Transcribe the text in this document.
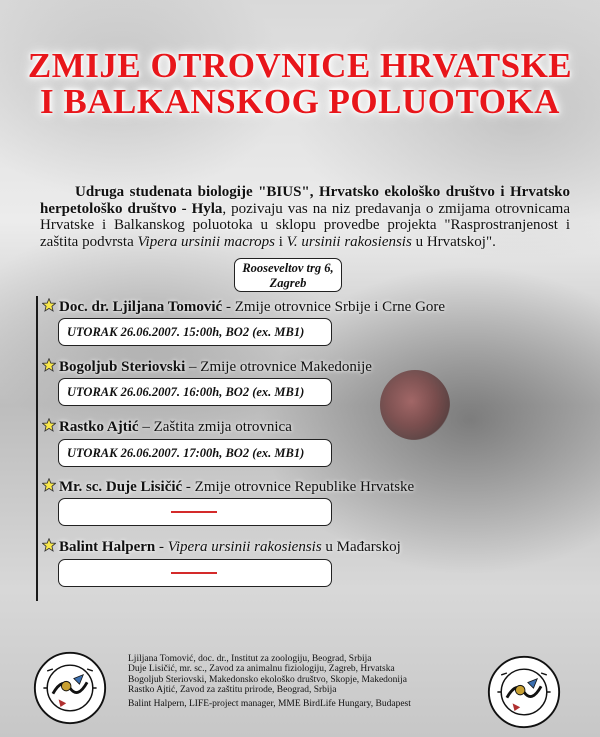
ZMIJE OTROVNICE HRVATSKE
I BALKANSKOG POLUOTOKA

Udruga studenata biologije "BIUS", Hrvatsko ekološko društvo i Hrvatsko herpetološko društvo - Hyla, pozivaju vas na niz predavanja o zmijama otrovnicama Hrvatske i Balkanskog poluotoka u sklopu provedbe projekta "Rasprostranjenost i zaštita podvrsta Vipera ursinii macrops i V. ursinii rakosiensis u Hrvatskoj".

Rooseveltov trg 6,
Zagreb
Doc. dr. Ljiljana Tomović - Zmije otrovnice Srbije i Crne Gore
UTORAK 26.06.2007. 15:00h, BO2 (ex. MB1)
Bogoljub Steriovski – Zmije otrovnice Makedonije
UTORAK 26.06.2007. 16:00h, BO2 (ex. MB1)
Rastko Ajtić – Zaštita zmija otrovnica
UTORAK 26.06.2007. 17:00h, BO2 (ex. MB1)
Mr. sc. Duje Lisičić - Zmije otrovnice Republike Hrvatske
Balint Halpern - Vipera ursinii rakosiensis u Mađarskoj
Ljiljana Tomović, doc. dr., Institut za zoologiju, Beograd, Srbija
Duje Lisičić, mr. sc., Zavod za animalnu fiziologiju, Zagreb, Hrvatska
Bogoljub Steriovski, Makedonsko ekološko društvo, Skopje, Makedonija
Rastko Ajtić, Zavod za zaštitu prirode, Beograd, Srbija
Balint Halpern, LIFE-project manager, MME BirdLife Hungary, Budapest
